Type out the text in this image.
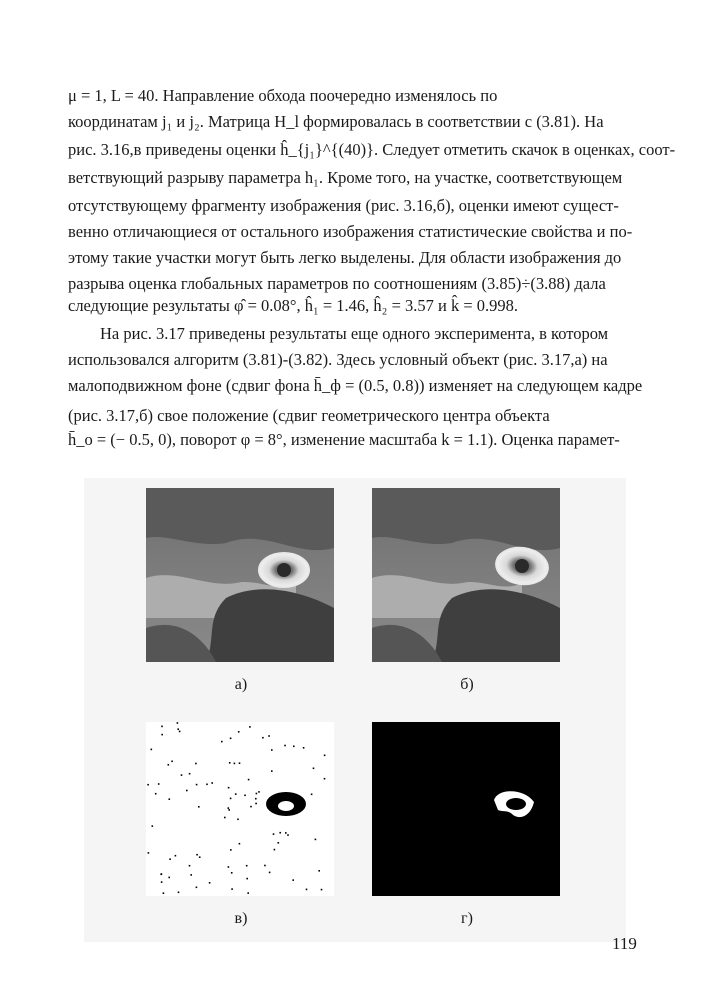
μ = 1, L = 40. Направление обхода поочередно изменялось по
координатам j₁ и j₂. Матрица H_l формировалась в соответствии с (3.81). На
рис. 3.16,в приведены оценки ĥ_{j₁}^{(40)}. Следует отметить скачок в оценках, соот-
ветствующий разрыву параметра h₁. Кроме того, на участке, соответствующем
отсутствующему фрагменту изображения (рис. 3.16,б), оценки имеют сущест-
венно отличающиеся от остального изображения статистические свойства и по-
этому такие участки могут быть легко выделены. Для области изображения до
разрыва оценка глобальных параметров по соотношениям (3.85)÷(3.88) дала
следующие результаты φ̂ = 0.08°, ĥ₁ = 1.46, ĥ₂ = 3.57 и k̂ = 0.998.
На рис. 3.17 приведены результаты еще одного эксперимента, в котором
использовался алгоритм (3.81)-(3.82). Здесь условный объект (рис. 3.17,а) на
малоподвижном фоне (сдвиг фона h̄_ф = (0.5, 0.8)) изменяет на следующем кадре
(рис. 3.17,б) свое положение (сдвиг геометрического центра объекта
h̄_o = (− 0.5, 0), поворот φ = 8°, изменение масштаба k = 1.1). Оценка парамет-
а)	б)
в)	г)
119
